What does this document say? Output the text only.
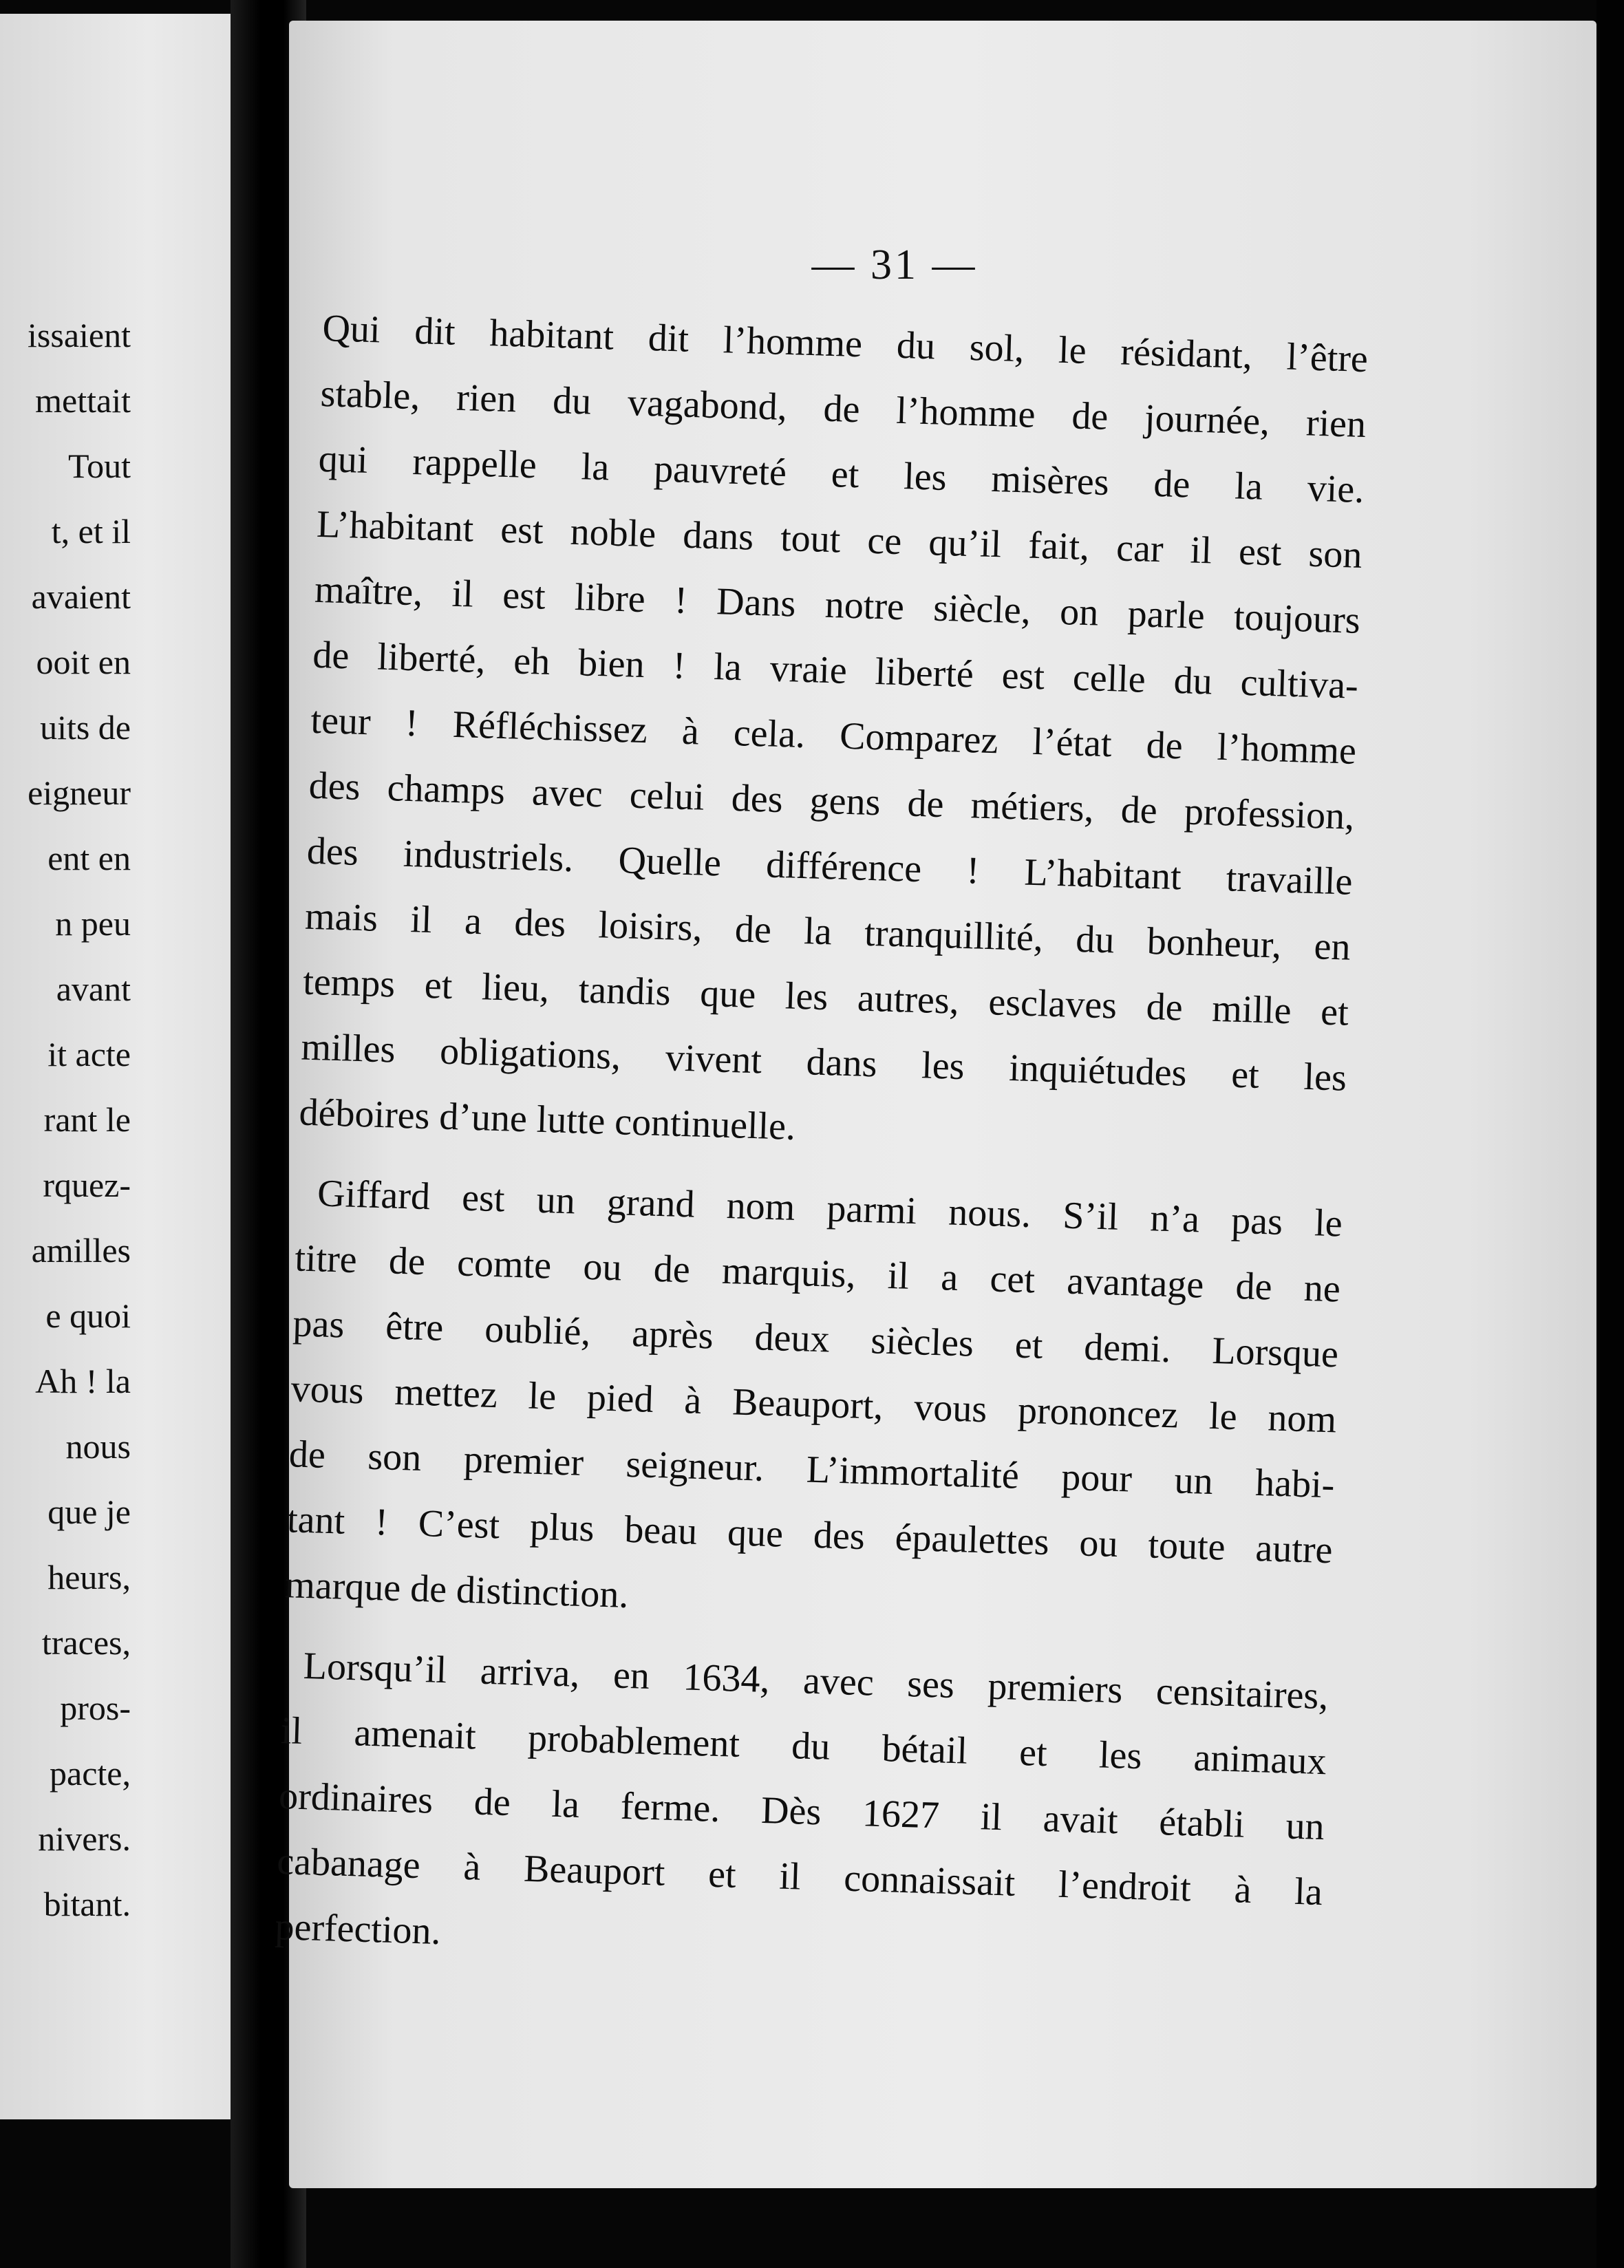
issaient
mettait
Tout
t, et il
avaient
ooit en
uits de
eigneur
ent en
n peu
avant
it acte
rant le
rquez-
amilles
e quoi
Ah ! la
nous
que je
heurs,
traces,
pros-
pacte,
nivers.
bitant.
— 31 —
Qui dit habitant dit l’homme du sol, le résidant, l’être
stable, rien du vagabond, de l’homme de journée, rien
qui rappelle la pauvreté et les misères de la vie.
L’habitant est noble dans tout ce qu’il fait, car il est son
maître, il est libre ! Dans notre siècle, on parle toujours
de liberté, eh bien ! la vraie liberté est celle du cultiva-
teur ! Réfléchissez à cela. Comparez l’état de l’homme
des champs avec celui des gens de métiers, de profession,
des industriels. Quelle différence ! L’habitant travaille
mais il a des loisirs, de la tranquillité, du bonheur, en
temps et lieu, tandis que les autres, esclaves de mille et
milles obligations, vivent dans les inquiétudes et les
déboires d’une lutte continuelle.
Giffard est un grand nom parmi nous. S’il n’a pas le
titre de comte ou de marquis, il a cet avantage de ne
pas être oublié, après deux siècles et demi. Lorsque
vous mettez le pied à Beauport, vous prononcez le nom
de son premier seigneur. L’immortalité pour un habi-
tant ! C’est plus beau que des épaulettes ou toute autre
marque de distinction.
Lorsqu’il arriva, en 1634, avec ses premiers censitaires,
il amenait probablement du bétail et les animaux
ordinaires de la ferme. Dès 1627 il avait établi un
cabanage à Beauport et il connaissait l’endroit à la
perfection.
